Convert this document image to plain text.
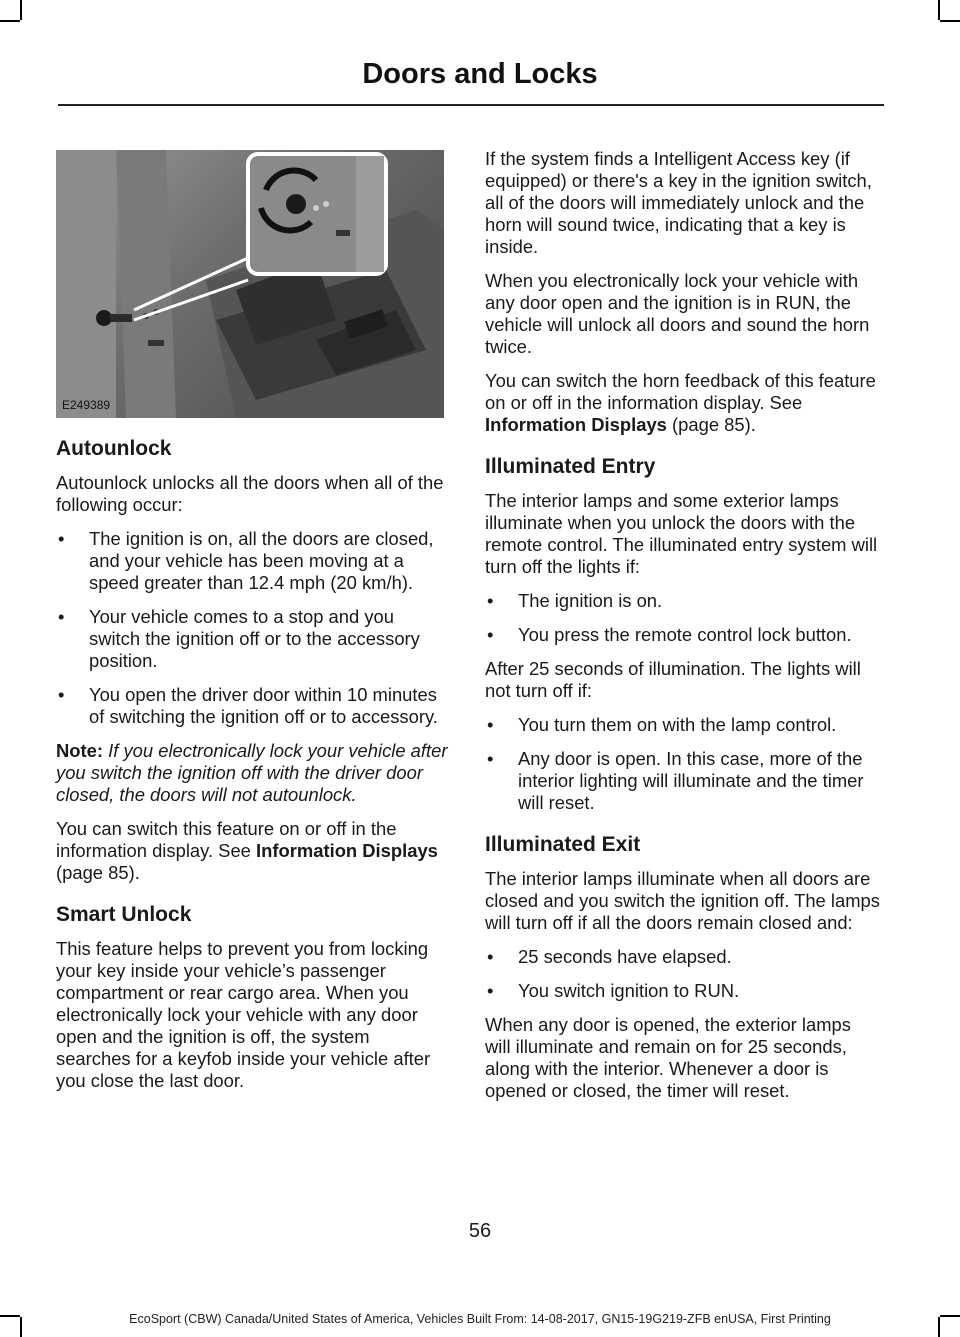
Doors and Locks
E249389
Autounlock

Autounlock unlocks all the doors when all of the following occur:

• The ignition is on, all the doors are closed, and your vehicle has been moving at a speed greater than 12.4 mph (20 km/h).
• Your vehicle comes to a stop and you switch the ignition off or to the accessory position.
• You open the driver door within 10 minutes of switching the ignition off or to accessory.

Note: If you electronically lock your vehicle after you switch the ignition off with the driver door closed, the doors will not autounlock.

You can switch this feature on or off in the information display. See Information Displays (page 85).

Smart Unlock

This feature helps to prevent you from locking your key inside your vehicle’s passenger compartment or rear cargo area. When you electronically lock your vehicle with any door open and the ignition is off, the system searches for a keyfob inside your vehicle after you close the last door.

If the system finds a Intelligent Access key (if equipped) or there's a key in the ignition switch, all of the doors will immediately unlock and the horn will sound twice, indicating that a key is inside.

When you electronically lock your vehicle with any door open and the ignition is in RUN, the vehicle will unlock all doors and sound the horn twice.

You can switch the horn feedback of this feature on or off in the information display. See Information Displays (page 85).

Illuminated Entry

The interior lamps and some exterior lamps illuminate when you unlock the doors with the remote control. The illuminated entry system will turn off the lights if:

• The ignition is on.
• You press the remote control lock button.

After 25 seconds of illumination. The lights will not turn off if:

• You turn them on with the lamp control.
• Any door is open. In this case, more of the interior lighting will illuminate and the timer will reset.
Illuminated Exit

The interior lamps illuminate when all doors are closed and you switch the ignition off. The lamps will turn off if all the doors remain closed and:

• 25 seconds have elapsed.
• You switch ignition to RUN.

When any door is opened, the exterior lamps will illuminate and remain on for 25 seconds, along with the interior. Whenever a door is opened or closed, the timer will reset.

56
EcoSport (CBW) Canada/United States of America, Vehicles Built From: 14-08-2017, GN15-19G219-ZFB enUSA, First Printing
